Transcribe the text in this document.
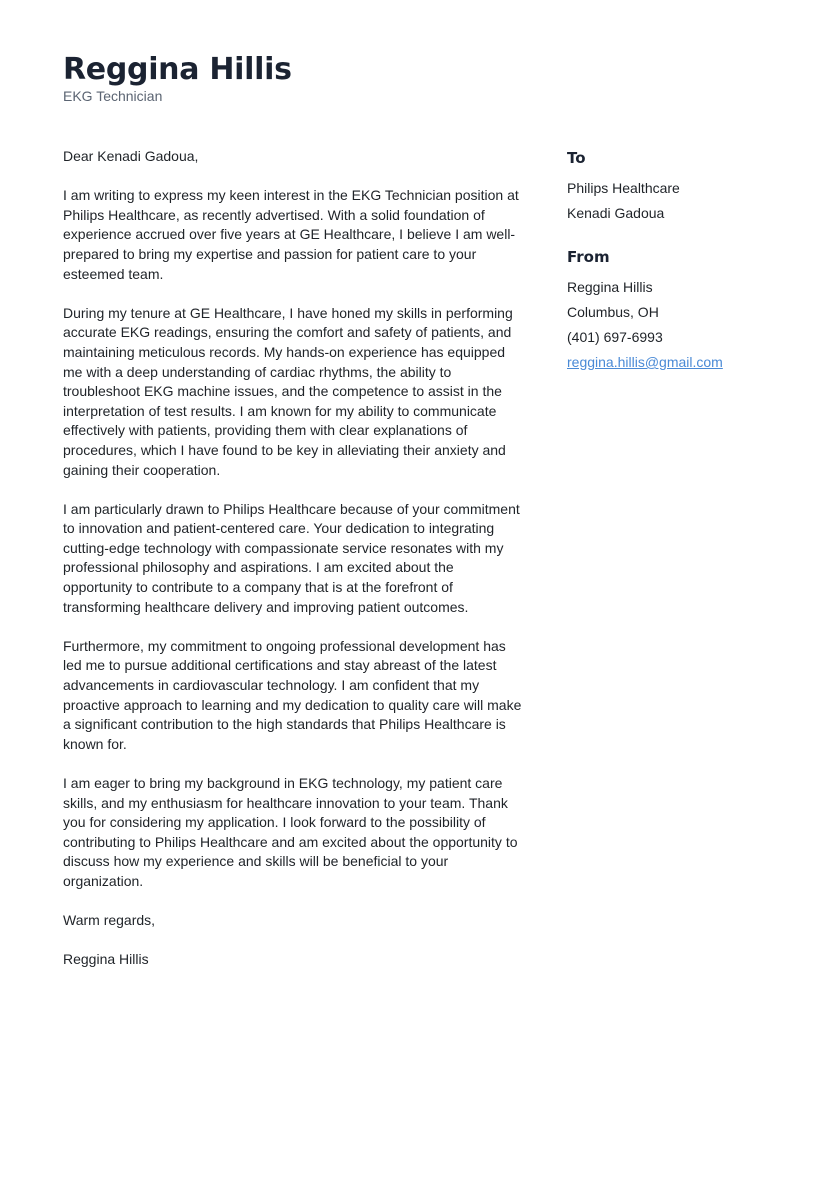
Reggina Hillis

EKG Technician

Dear Kenadi Gadoua,

I am writing to express my keen interest in the EKG Technician position at Philips Healthcare, as recently advertised. With a solid foundation of experience accrued over five years at GE Healthcare, I believe I am well-prepared to bring my expertise and passion for patient care to your esteemed team.

During my tenure at GE Healthcare, I have honed my skills in performing accurate EKG readings, ensuring the comfort and safety of patients, and maintaining meticulous records. My hands-on experience has equipped me with a deep understanding of cardiac rhythms, the ability to troubleshoot EKG machine issues, and the competence to assist in the interpretation of test results. I am known for my ability to communicate effectively with patients, providing them with clear explanations of procedures, which I have found to be key in alleviating their anxiety and gaining their cooperation.

I am particularly drawn to Philips Healthcare because of your commitment to innovation and patient-centered care. Your dedication to integrating cutting-edge technology with compassionate service resonates with my professional philosophy and aspirations. I am excited about the opportunity to contribute to a company that is at the forefront of transforming healthcare delivery and improving patient outcomes.

Furthermore, my commitment to ongoing professional development has led me to pursue additional certifications and stay abreast of the latest advancements in cardiovascular technology. I am confident that my proactive approach to learning and my dedication to quality care will make a significant contribution to the high standards that Philips Healthcare is known for.

I am eager to bring my background in EKG technology, my patient care skills, and my enthusiasm for healthcare innovation to your team. Thank you for considering my application. I look forward to the possibility of contributing to Philips Healthcare and am excited about the opportunity to discuss how my experience and skills will be beneficial to your organization.

Warm regards,

Reggina Hillis

To

Philips Healthcare

Kenadi Gadoua

From

Reggina Hillis

Columbus, OH

(401) 697-6993

regginа.hillis@gmail.com
